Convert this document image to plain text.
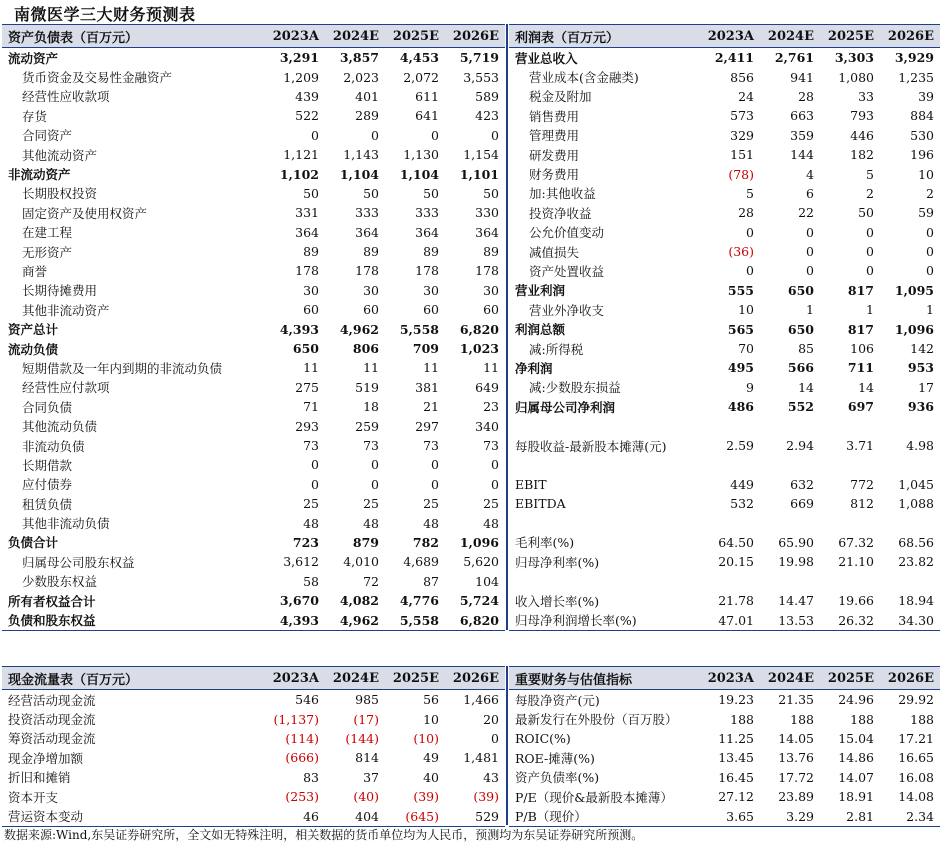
南微医学三大财务预测表
资产负债表（百万元）	2023A	2024E	2025E	2026E
流动资产	3,291	3,857	4,453	5,719
货币资金及交易性金融资产	1,209	2,023	2,072	3,553
经营性应收款项	439	401	611	589
存货	522	289	641	423
合同资产	0	0	0	0
其他流动资产	1,121	1,143	1,130	1,154
非流动资产	1,102	1,104	1,104	1,101
长期股权投资	50	50	50	50
固定资产及使用权资产	331	333	333	330
在建工程	364	364	364	364
无形资产	89	89	89	89
商誉	178	178	178	178
长期待摊费用	30	30	30	30
其他非流动资产	60	60	60	60
资产总计	4,393	4,962	5,558	6,820
流动负债	650	806	709	1,023
短期借款及一年内到期的非流动负债	11	11	11	11
经营性应付款项	275	519	381	649
合同负债	71	18	21	23
其他流动负债	293	259	297	340
非流动负债	73	73	73	73
长期借款	0	0	0	0
应付债券	0	0	0	0
租赁负债	25	25	25	25
其他非流动负债	48	48	48	48
负债合计	723	879	782	1,096
归属母公司股东权益	3,612	4,010	4,689	5,620
少数股东权益	58	72	87	104
所有者权益合计	3,670	4,082	4,776	5,724
负债和股东权益	4,393	4,962	5,558	6,820
利润表（百万元）	2023A	2024E	2025E	2026E
营业总收入	2,411	2,761	3,303	3,929
营业成本(含金融类)	856	941	1,080	1,235
税金及附加	24	28	33	39
销售费用	573	663	793	884
管理费用	329	359	446	530
研发费用	151	144	182	196
财务费用	(78)	4	5	10
加:其他收益	5	6	2	2
投资净收益	28	22	50	59
公允价值变动	0	0	0	0
减值损失	(36)	0	0	0
资产处置收益	0	0	0	0
营业利润	555	650	817	1,095
营业外净收支	10	1	1	1
利润总额	565	650	817	1,096
减:所得税	70	85	106	142
净利润	495	566	711	953
减:少数股东损益	9	14	14	17
归属母公司净利润	486	552	697	936

每股收益-最新股本摊薄(元)	2.59	2.94	3.71	4.98

EBIT	449	632	772	1,045
EBITDA	532	669	812	1,088

毛利率(%)	64.50	65.90	67.32	68.56
归母净利率(%)	20.15	19.98	21.10	23.82

收入增长率(%)	21.78	14.47	19.66	18.94
归母净利润增长率(%)	47.01	13.53	26.32	34.30
现金流量表（百万元）	2023A	2024E	2025E	2026E
经营活动现金流	546	985	56	1,466
投资活动现金流	(1,137)	(17)	10	20
筹资活动现金流	(114)	(144)	(10)	0
现金净增加额	(666)	814	49	1,481
折旧和摊销	83	37	40	43
资本开支	(253)	(40)	(39)	(39)
营运资本变动	46	404	(645)	529
重要财务与估值指标	2023A	2024E	2025E	2026E
每股净资产(元)	19.23	21.35	24.96	29.92
最新发行在外股份（百万股）	188	188	188	188
ROIC(%)	11.25	14.05	15.04	17.21
ROE-摊薄(%)	13.45	13.76	14.86	16.65
资产负债率(%)	16.45	17.72	14.07	16.08
P/E（现价&最新股本摊薄）	27.12	23.89	18.91	14.08
P/B（现价）	3.65	3.29	2.81	2.34
数据来源:Wind,东吴证券研究所，全文如无特殊注明，相关数据的货币单位均为人民币，预测均为东吴证券研究所预测。
